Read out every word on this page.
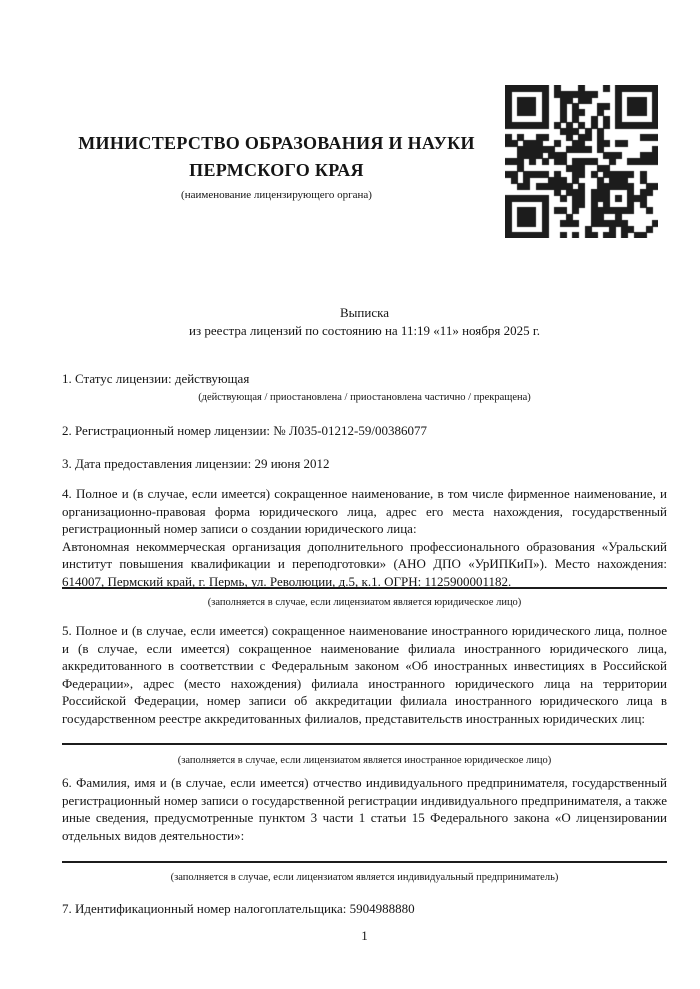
МИНИСТЕРСТВО ОБРАЗОВАНИЯ И НАУКИ
ПЕРМСКОГО КРАЯ
(наименование лицензирующего органа)
Выписка
из реестра лицензий по состоянию на 11:19 «11» ноября 2025 г.
1. Статус лицензии: действующая
(действующая / приостановлена / приостановлена частично / прекращена)
2. Регистрационный номер лицензии: № Л035-01212-59/00386077
3. Дата предоставления лицензии: 29 июня 2012

4. Полное и (в случае, если имеется) сокращенное наименование, в том числе фирменное наименование, и организационно-правовая форма юридического лица, адрес его места нахождения, государственный регистрационный номер записи о создании юридического лица:

Автономная некоммерческая организация дополнительного профессионального образования «Уральский институт повышения квалификации и переподготовки» (АНО ДПО «УрИПКиП»). Место нахождения: 614007, Пермский край, г. Пермь, ул. Революции, д.5, к.1. ОГРН: 1125900001182.

(заполняется в случае, если лицензиатом является юридическое лицо)
5. Полное и (в случае, если имеется) сокращенное наименование иностранного юридического лица, полное и (в случае, если имеется) сокращенное наименование филиала иностранного юридического лица, аккредитованного в соответствии с Федеральным законом «Об иностранных инвестициях в Российской Федерации», адрес (место нахождения) филиала иностранного юридического лица на территории Российской Федерации, номер записи об аккредитации филиала иностранного юридического лица в государственном реестре аккредитованных филиалов, представительств иностранных юридических лиц:
(заполняется в случае, если лицензиатом является иностранное юридическое лицо)
6. Фамилия, имя и (в случае, если имеется) отчество индивидуального предпринимателя, государственный регистрационный номер записи о государственной регистрации индивидуального предпринимателя, а также иные сведения, предусмотренные пунктом 3 части 1 статьи 15 Федерального закона «О лицензировании отдельных видов деятельности»:
(заполняется в случае, если лицензиатом является индивидуальный предприниматель)
7. Идентификационный номер налогоплательщика: 5904988880
1
